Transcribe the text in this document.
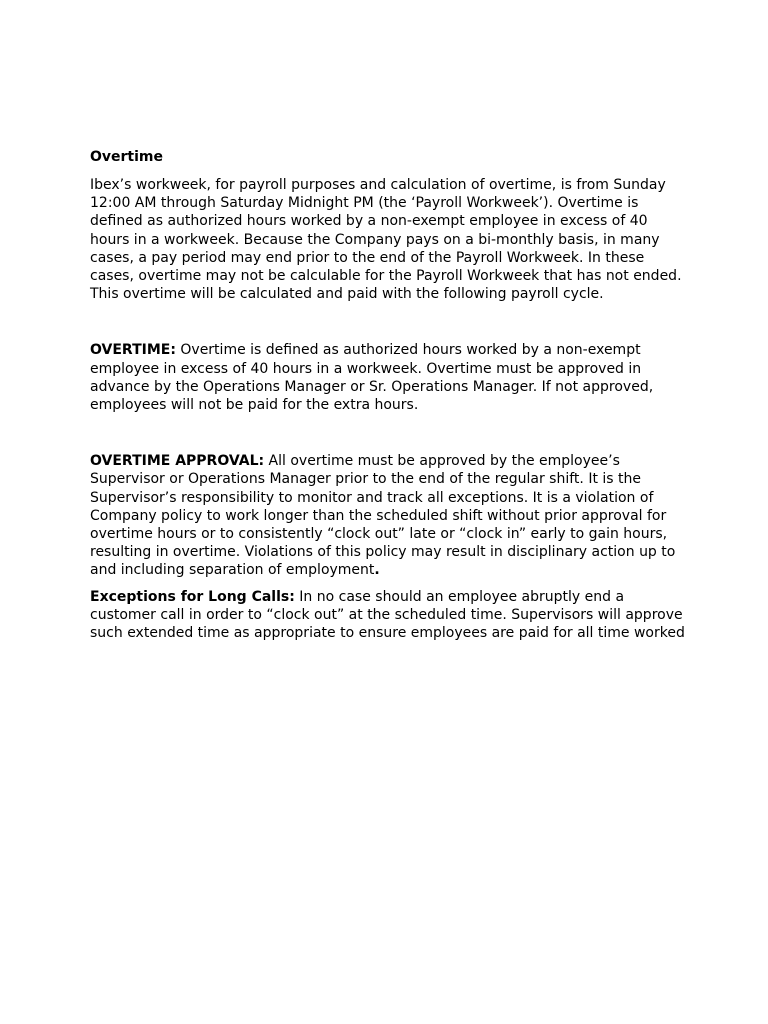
Overtime
Ibex’s workweek, for payroll purposes and calculation of overtime, is from Sunday
12:00 AM through Saturday Midnight PM (the ‘Payroll Workweek’). Overtime is
defined as authorized hours worked by a non-exempt employee in excess of 40
hours in a workweek. Because the Company pays on a bi-monthly basis, in many
cases, a pay period may end prior to the end of the Payroll Workweek. In these
cases, overtime may not be calculable for the Payroll Workweek that has not ended.
This overtime will be calculated and paid with the following payroll cycle.
OVERTIME: Overtime is defined as authorized hours worked by a non-exempt
employee in excess of 40 hours in a workweek. Overtime must be approved in
advance by the Operations Manager or Sr. Operations Manager. If not approved,
employees will not be paid for the extra hours.
OVERTIME APPROVAL: All overtime must be approved by the employee’s
Supervisor or Operations Manager prior to the end of the regular shift. It is the
Supervisor’s responsibility to monitor and track all exceptions. It is a violation of
Company policy to work longer than the scheduled shift without prior approval for
overtime hours or to consistently “clock out” late or “clock in” early to gain hours,
resulting in overtime. Violations of this policy may result in disciplinary action up to
and including separation of employment.
Exceptions for Long Calls: In no case should an employee abruptly end a
customer call in order to “clock out” at the scheduled time. Supervisors will approve
such extended time as appropriate to ensure employees are paid for all time worked
